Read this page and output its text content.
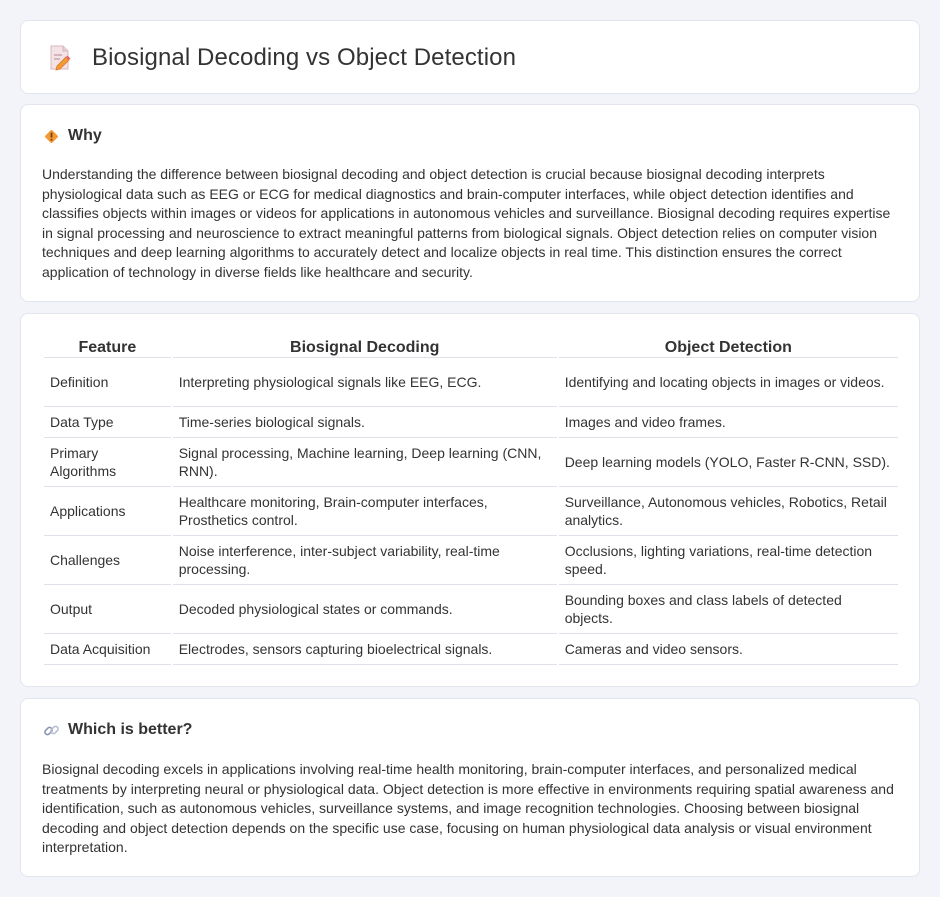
Biosignal Decoding vs Object Detection
Why

Understanding the difference between biosignal decoding and object detection is crucial because biosignal decoding interprets physiological data such as EEG or ECG for medical diagnostics and brain-computer interfaces, while object detection identifies and classifies objects within images or videos for applications in autonomous vehicles and surveillance. Biosignal decoding requires expertise in signal processing and neuroscience to extract meaningful patterns from biological signals. Object detection relies on computer vision techniques and deep learning algorithms to accurately detect and localize objects in real time. This distinction ensures the correct application of technology in diverse fields like healthcare and security.

Feature	Biosignal Decoding	Object Detection
Definition	Interpreting physiological signals like EEG, ECG.	Identifying and locating objects in images or videos.
Data Type	Time-series biological signals.	Images and video frames.
Primary Algorithms	Signal processing, Machine learning, Deep learning (CNN, RNN).	Deep learning models (YOLO, Faster R-CNN, SSD).
Applications	Healthcare monitoring, Brain-computer interfaces, Prosthetics control.	Surveillance, Autonomous vehicles, Robotics, Retail analytics.
Challenges	Noise interference, inter-subject variability, real-time processing.	Occlusions, lighting variations, real-time detection speed.
Output	Decoded physiological states or commands.	Bounding boxes and class labels of detected objects.
Data Acquisition	Electrodes, sensors capturing bioelectrical signals.	Cameras and video sensors.
Which is better?

Biosignal decoding excels in applications involving real-time health monitoring, brain-computer interfaces, and personalized medical treatments by interpreting neural or physiological data. Object detection is more effective in environments requiring spatial awareness and identification, such as autonomous vehicles, surveillance systems, and image recognition technologies. Choosing between biosignal decoding and object detection depends on the specific use case, focusing on human physiological data analysis or visual environment interpretation.
